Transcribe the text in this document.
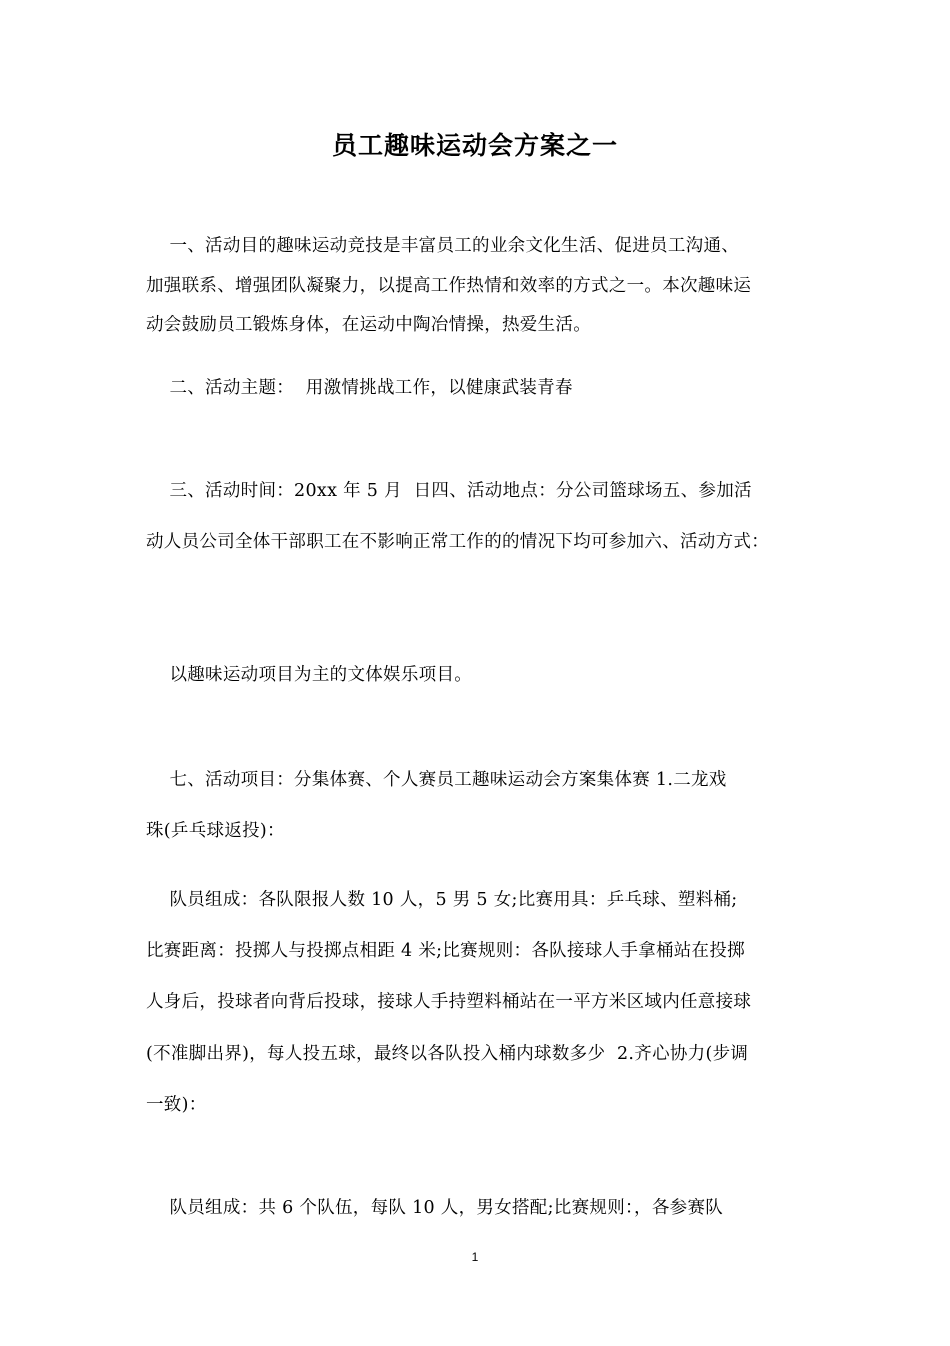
员工趣味运动会方案之一

一、活动目的趣味运动竞技是丰富员工的业余文化生活、促进员工沟通、
加强联系、增强团队凝聚力，以提高工作热情和效率的方式之一。本次趣味运
动会鼓励员工锻炼身体，在运动中陶冶情操，热爱生活。

二、活动主题：  用激情挑战工作，以健康武装青春

三、活动时间：20xx 年 5 月  日四、活动地点：分公司篮球场五、参加活
动人员公司全体干部职工在不影响正常工作的的情况下均可参加六、活动方式：

以趣味运动项目为主的文体娱乐项目。

七、活动项目：分集体赛、个人赛员工趣味运动会方案集体赛 1.二龙戏
珠(乒乓球返投)：

队员组成：各队限报人数 10 人，5 男 5 女;比赛用具：乒乓球、塑料桶;
比赛距离：投掷人与投掷点相距 4 米;比赛规则：各队接球人手拿桶站在投掷
人身后，投球者向背后投球，接球人手持塑料桶站在一平方米区域内任意接球
(不准脚出界)，每人投五球，最终以各队投入桶内球数多少  2.齐心协力(步调
一致)：

队员组成：共 6 个队伍，每队 10 人，男女搭配;比赛规则：，各参赛队

1
